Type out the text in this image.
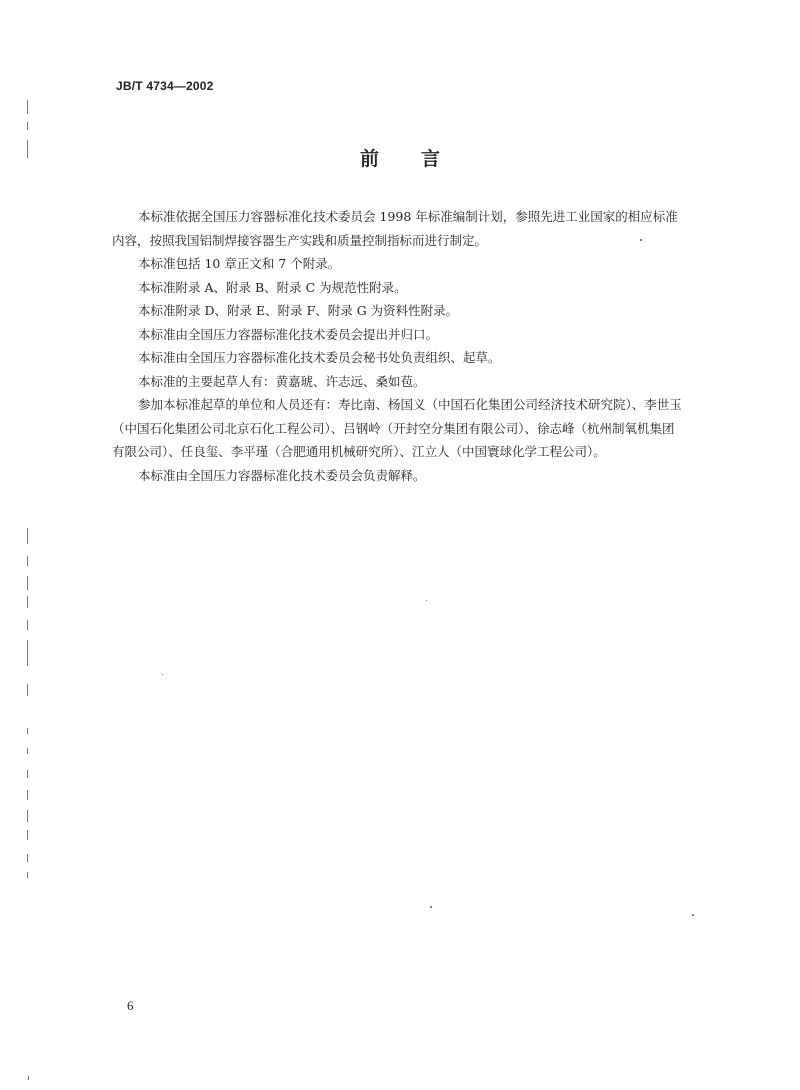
JB/T 4734—2002
前 言

本标准依据全国压力容器标准化技术委员会 1998 年标准编制计划，参照先进工业国家的相应标准内容，按照我国铝制焊接容器生产实践和质量控制指标而进行制定。

本标准包括 10 章正文和 7 个附录。

本标准附录 A、附录 B、附录 C 为规范性附录。

本标准附录 D、附录 E、附录 F、附录 G 为资料性附录。

本标准由全国压力容器标准化技术委员会提出并归口。

本标准由全国压力容器标准化技术委员会秘书处负责组织、起草。

本标准的主要起草人有：黄嘉琥、许志远、桑如苞。

参加本标准起草的单位和人员还有：寿比南、杨国义（中国石化集团公司经济技术研究院）、李世玉（中国石化集团公司北京石化工程公司）、吕钢岭（开封空分集团有限公司）、徐志峰（杭州制氧机集团有限公司）、任良玺、李平瑾（合肥通用机械研究所）、江立人（中国寰球化学工程公司）。

本标准由全国压力容器标准化技术委员会负责解释。

6
